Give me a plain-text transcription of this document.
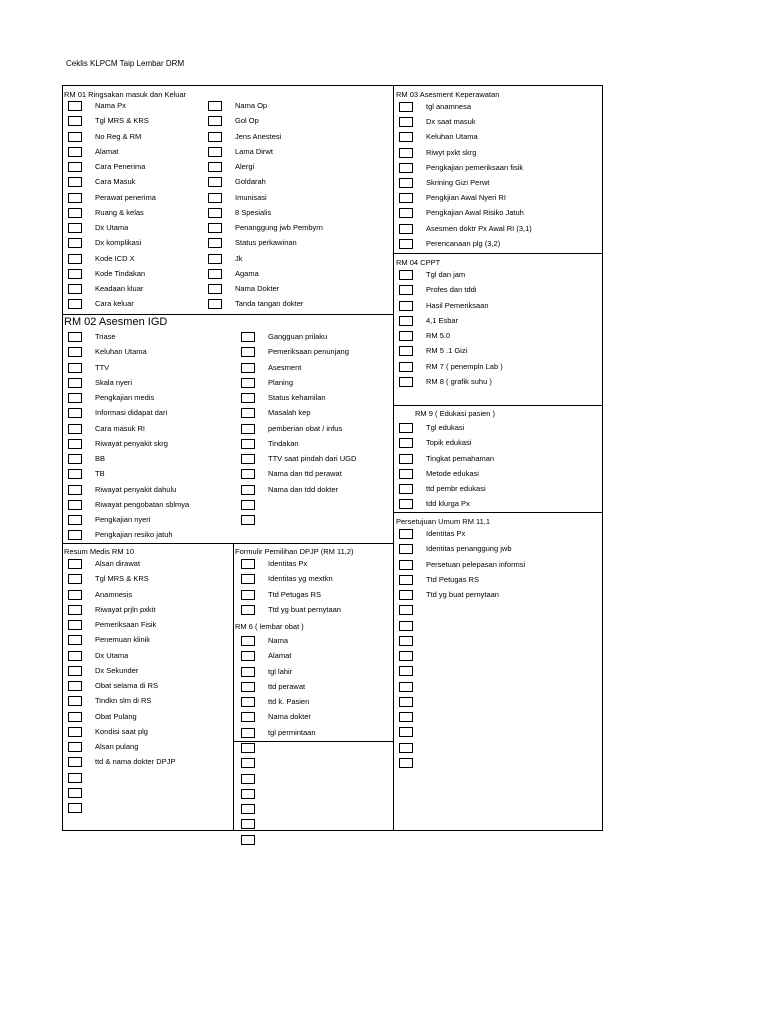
Ceklis KLPCM Taip Lembar DRM
RM 01 Ringsakan masuk dan Keluar
Nama Px
Tgl MRS & KRS
No Reg & RM
Alamat
Cara Penerima
Cara Masuk
Perawat penerima
Ruang & kelas
Dx Utama
Dx komplikasi
Kode ICD X
Kode Tindakan
Keadaan kluar
Cara keluar
Nama Op
Gol Op
Jens Anestesi
Lama Dirwt
Alergi
Goldarah
Imunisasi
8 Spesialis
Penanggung jwb Pembyrn
Status perkawinan
Jk
Agama
Nama Dokter
Tanda tangan dokter
RM 02 Asesmen IGD
Triase
Keluhan Utama
TTV
Skala nyeri
Pengkajian medis
Informasi didapat dari
Cara masuk RI
Riwayat penyakit skrg
BB
TB
Riwayat penyakit dahulu
Riwayat pengobatan sblmya
Pengkajian nyeri
Pengkajian resiko jatuh
Gangguan prilaku
Pemeriksaan penunjang
Asesment
Planing
Status kehamilan
Masalah kep
pemberian obat / infus
Tindakan
TTV saat pindah dari UGD
Nama dan ttd perawat
Nama dan tdd dokter
Resum Medis RM 10
Alsan dirawat
Tgl MRS & KRS
Anamnesis
Riwayat prjln pxkit
Pemeriksaan Fisik
Penemuan klinik
Dx Utama
Dx Sekunder
Obat selama di RS
Tindkn slm di RS
Obat Pulang
Kondisi saat plg
Alsan pulang
ttd & nama dokter DPJP
Formulir Pemilihan DPJP (RM 11,2)
Identitas Px
Identitas yg mextkn
Ttd Petugas RS
Ttd yg buat pernytaan
RM 6 ( lembar obat )
Nama
Alamat
tgl lahir
ttd perawat
ttd k. Pasien
Nama dokter
tgl permintaan
RM 03 Asesment Keperawatan
tgl anamnesa
Dx saat masuk
Keluhan Utama
Riwyt pxkt skrg
Pengkajian pemeriksaan fisik
Skrining Gizi Perwt
Pengkjian Awal Nyeri RI
Pengkajian Awal Risiko Jatuh
Asesmen doktr Px Awal RI (3,1)
Perencanaan plg (3,2)
RM 04 CPPT
Tgl dan jam
Profes dan tddi
Hasil Pemeriksaan
4,1 Esbar
RM 5.0
RM 5 .1 Gizi
RM 7 ( penempln Lab )
RM 8 ( grafik suhu )
RM 9 ( Edukasi pasien )
Tgl edukasi
Topik edukasi
Tingkat pemahaman
Metode edukasi
ttd pembr edukasi
tdd klurga Px
Persetujuan Umum RM 11,1
Identitas Px
Identitas penanggung jwb
Persetuan pelepasan informsi
Ttd Petugas RS
Ttd yg buat pernytaan
